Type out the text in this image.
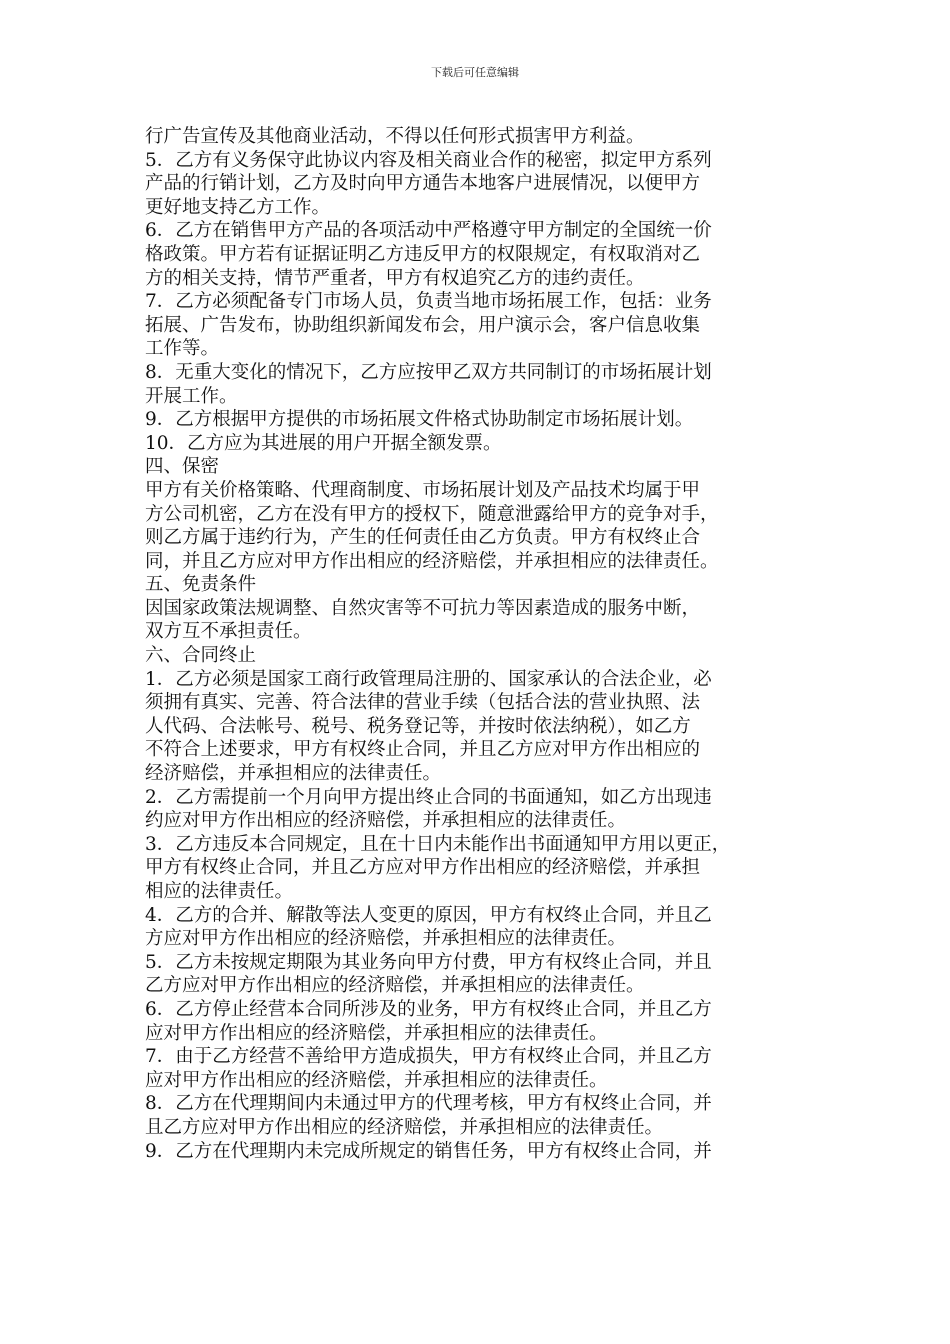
下载后可任意编辑
行广告宣传及其他商业活动，不得以任何形式损害甲方利益。
5．乙方有义务保守此协议内容及相关商业合作的秘密，拟定甲方系列
产品的行销计划，乙方及时向甲方通告本地客户进展情况，以便甲方
更好地支持乙方工作。
6．乙方在销售甲方产品的各项活动中严格遵守甲方制定的全国统一价
格政策。甲方若有证据证明乙方违反甲方的权限规定，有权取消对乙
方的相关支持，情节严重者，甲方有权追究乙方的违约责任。
7．乙方必须配备专门市场人员，负责当地市场拓展工作，包括：业务
拓展、广告发布，协助组织新闻发布会，用户演示会，客户信息收集
工作等。
8．无重大变化的情况下，乙方应按甲乙双方共同制订的市场拓展计划
开展工作。
9．乙方根据甲方提供的市场拓展文件格式协助制定市场拓展计划。
10．乙方应为其进展的用户开据全额发票。
四、保密
甲方有关价格策略、代理商制度、市场拓展计划及产品技术均属于甲
方公司机密，乙方在没有甲方的授权下，随意泄露给甲方的竞争对手，
则乙方属于违约行为，产生的任何责任由乙方负责。甲方有权终止合
同，并且乙方应对甲方作出相应的经济赔偿，并承担相应的法律责任。
五、免责条件
因国家政策法规调整、自然灾害等不可抗力等因素造成的服务中断，
双方互不承担责任。
六、合同终止
1．乙方必须是国家工商行政管理局注册的、国家承认的合法企业，必
须拥有真实、完善、符合法律的营业手续（包括合法的营业执照、法
人代码、合法帐号、税号、税务登记等，并按时依法纳税），如乙方
不符合上述要求，甲方有权终止合同，并且乙方应对甲方作出相应的
经济赔偿，并承担相应的法律责任。
2．乙方需提前一个月向甲方提出终止合同的书面通知，如乙方出现违
约应对甲方作出相应的经济赔偿，并承担相应的法律责任。
3．乙方违反本合同规定，且在十日内未能作出书面通知甲方用以更正，
甲方有权终止合同，并且乙方应对甲方作出相应的经济赔偿，并承担
相应的法律责任。
4．乙方的合并、解散等法人变更的原因，甲方有权终止合同，并且乙
方应对甲方作出相应的经济赔偿，并承担相应的法律责任。
5．乙方未按规定期限为其业务向甲方付费，甲方有权终止合同，并且
乙方应对甲方作出相应的经济赔偿，并承担相应的法律责任。
6．乙方停止经营本合同所涉及的业务，甲方有权终止合同，并且乙方
应对甲方作出相应的经济赔偿，并承担相应的法律责任。
7．由于乙方经营不善给甲方造成损失，甲方有权终止合同，并且乙方
应对甲方作出相应的经济赔偿，并承担相应的法律责任。
8．乙方在代理期间内未通过甲方的代理考核，甲方有权终止合同，并
且乙方应对甲方作出相应的经济赔偿，并承担相应的法律责任。
9．乙方在代理期内未完成所规定的销售任务，甲方有权终止合同，并
